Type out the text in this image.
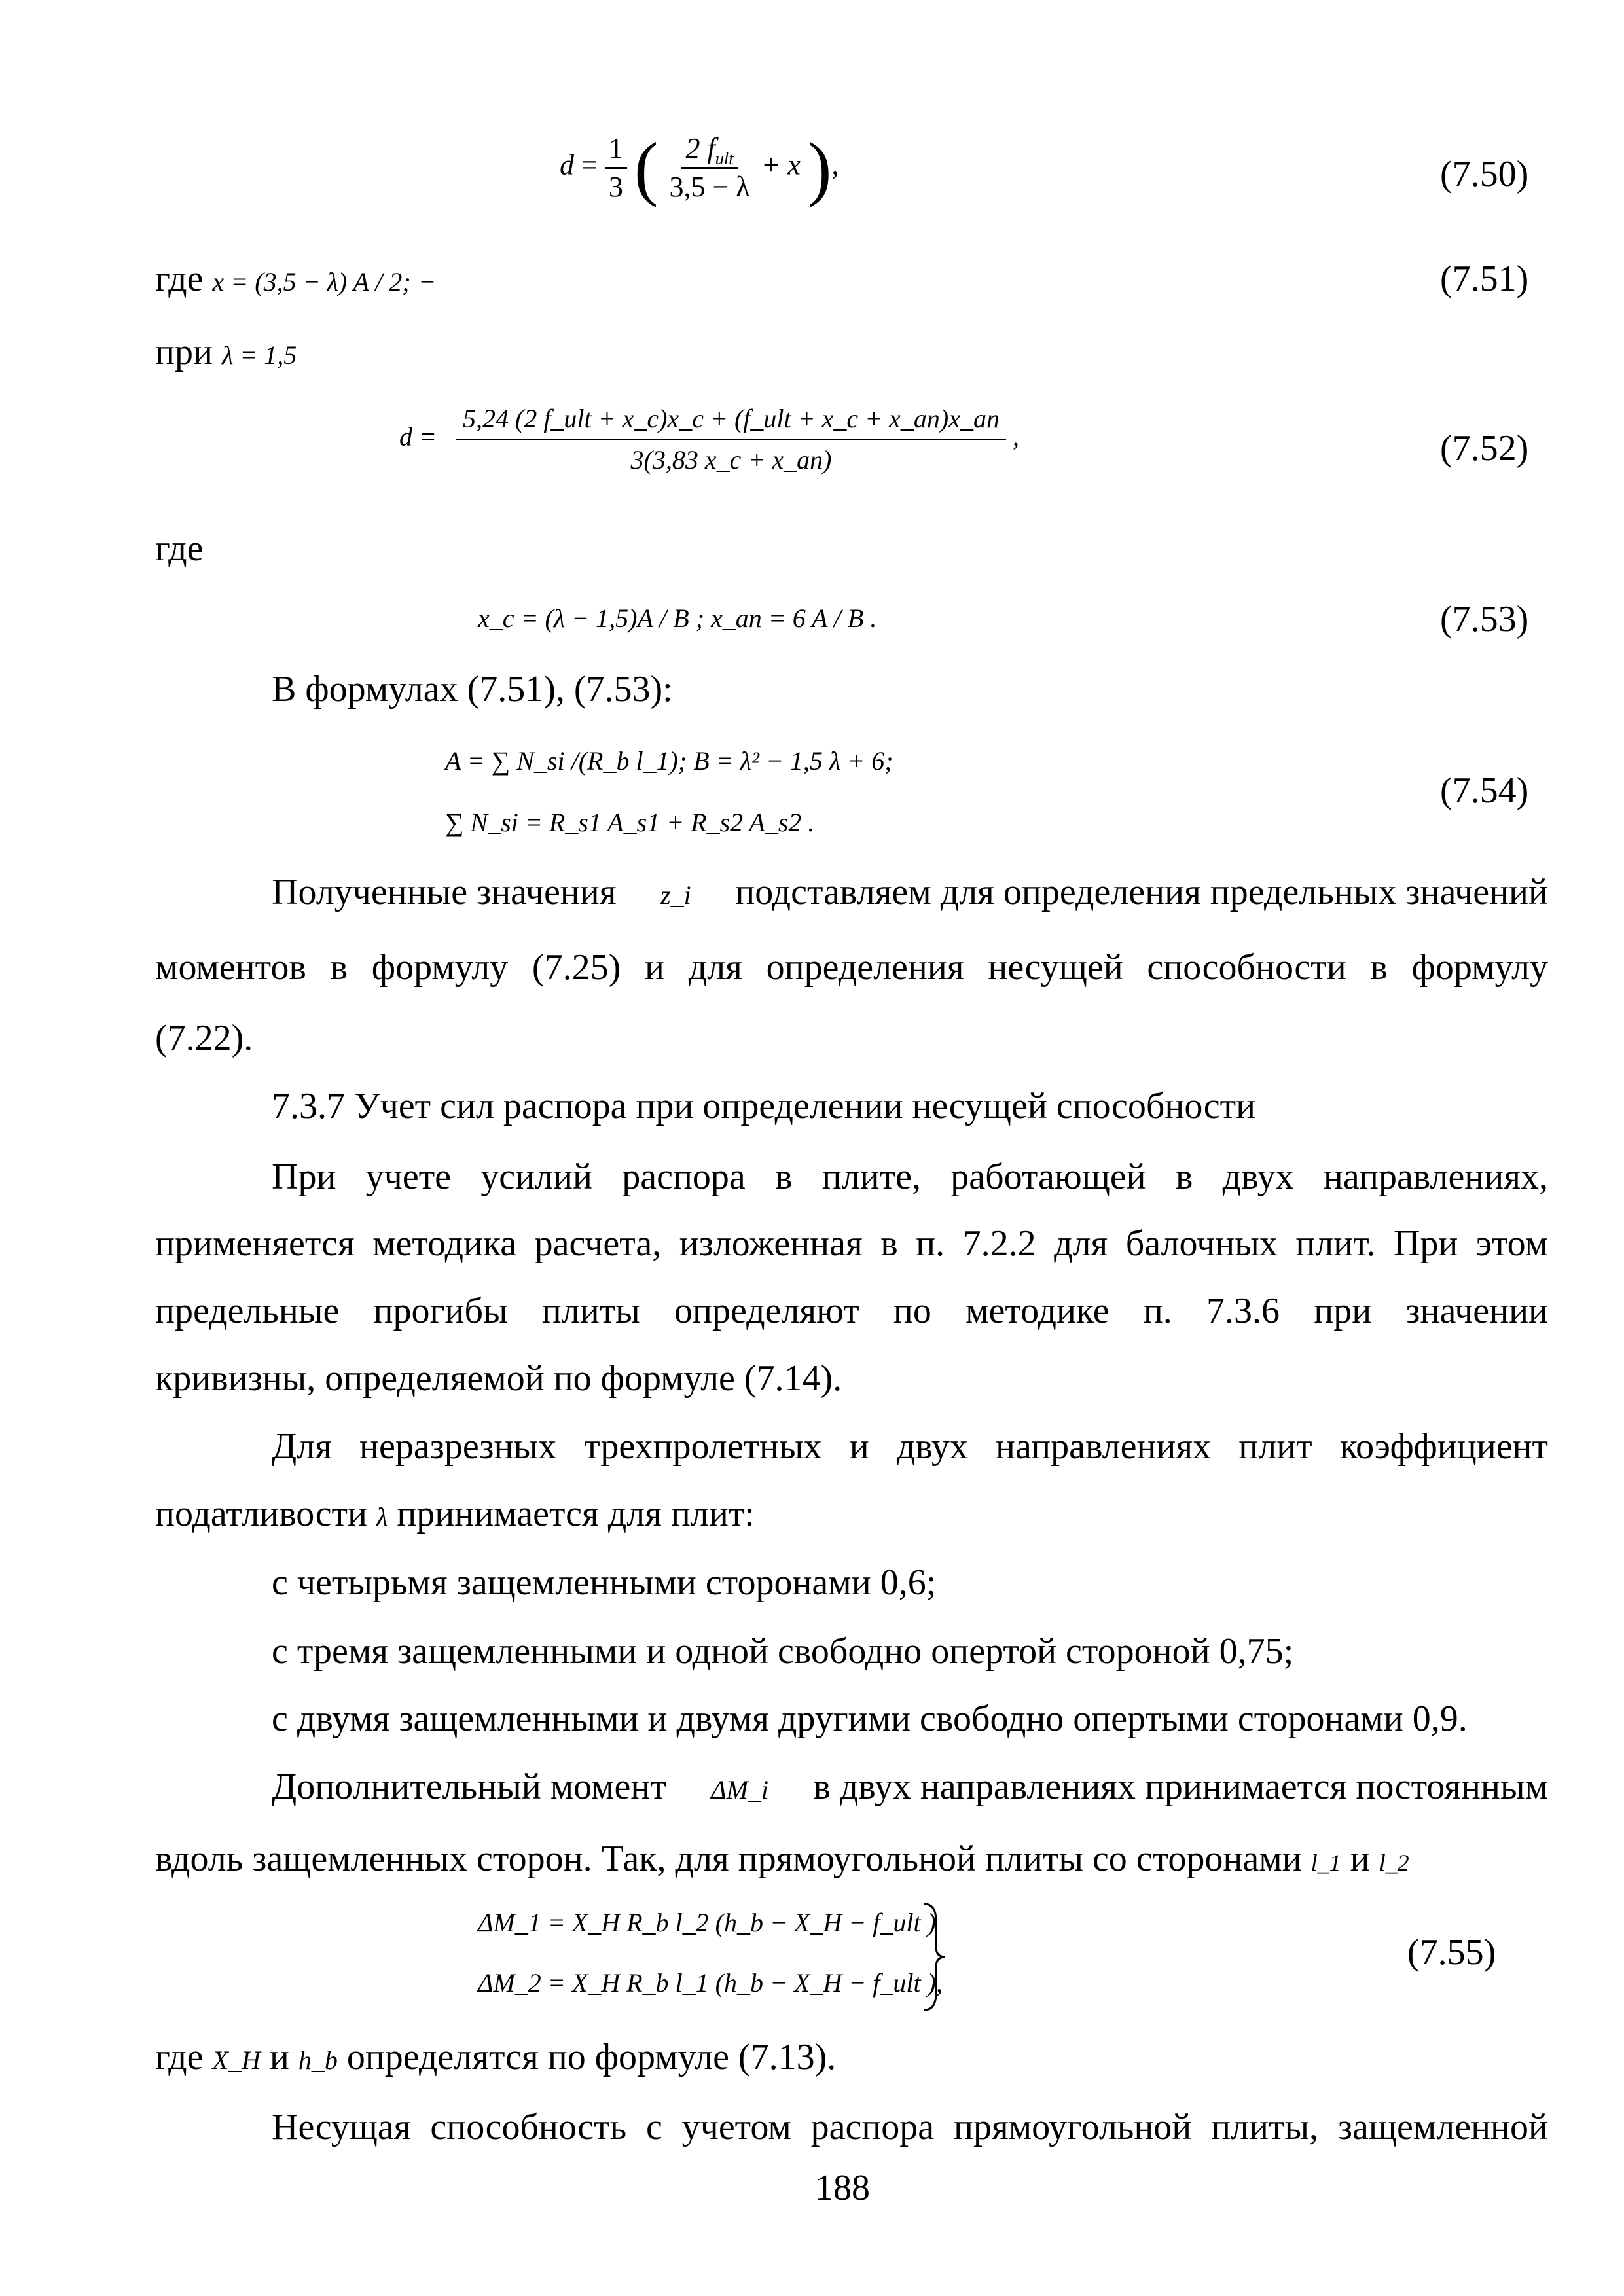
$d = \frac{1}{3}$ ( $\frac{2 f_{ult}}{3,5 - \lambda} + x$ ),	(7.50)
где x = (3,5 − λ) A / 2; −	(7.51)
при λ = 1,5
$d = \frac{\text{5,24 (2 f\_ult + x\_c)x\_c + (f\_ult + x\_c + x\_an)x\_an}}{3(3,83 x\_c + x\_an)}$ ,	(7.52)
где
x_c = (λ − 1,5)A / B ; x_an = 6 A / B .	(7.53)
В формулах (7.51), (7.53):
A = ∑ N_si /(R_b l_1); B = λ² − 1,5 λ + 6;
∑ N_si = R_s1 A_s1 + R_s2 A_s2 .
(7.54)
Полученные значения z_i подставляем для определения предельных значений
моментов в формулу (7.25) и для определения несущей способности в формулу
(7.22).
7.3.7 Учет сил распора при определении несущей способности
При учете усилий распора в плите, работающей в двух направлениях,
применяется методика расчета, изложенная в п. 7.2.2 для балочных плит. При этом
предельные прогибы плиты определяют по методике п. 7.3.6 при значении
кривизны, определяемой по формуле (7.14).
Для неразрезных трехпролетных и двух направлениях плит коэффициент
податливости λ принимается для плит:
с четырьмя защемленными сторонами 0,6;
с тремя защемленными и одной свободно опертой стороной 0,75;
с двумя защемленными и двумя другими свободно опертыми сторонами 0,9.
Дополнительный момент ΔM_i в двух направлениях принимается постоянным
вдоль защемленных сторон. Так, для прямоугольной плиты со сторонами l_1 и l_2
ΔM_1 = X_H R_b l_2 (h_b − X_H − f_ult )
ΔM_2 = X_H R_b l_1 (h_b − X_H − f_ult ),
(7.55)
где X_H и h_b определятся по формуле (7.13).
Несущая способность с учетом распора прямоугольной плиты, защемленной
188
